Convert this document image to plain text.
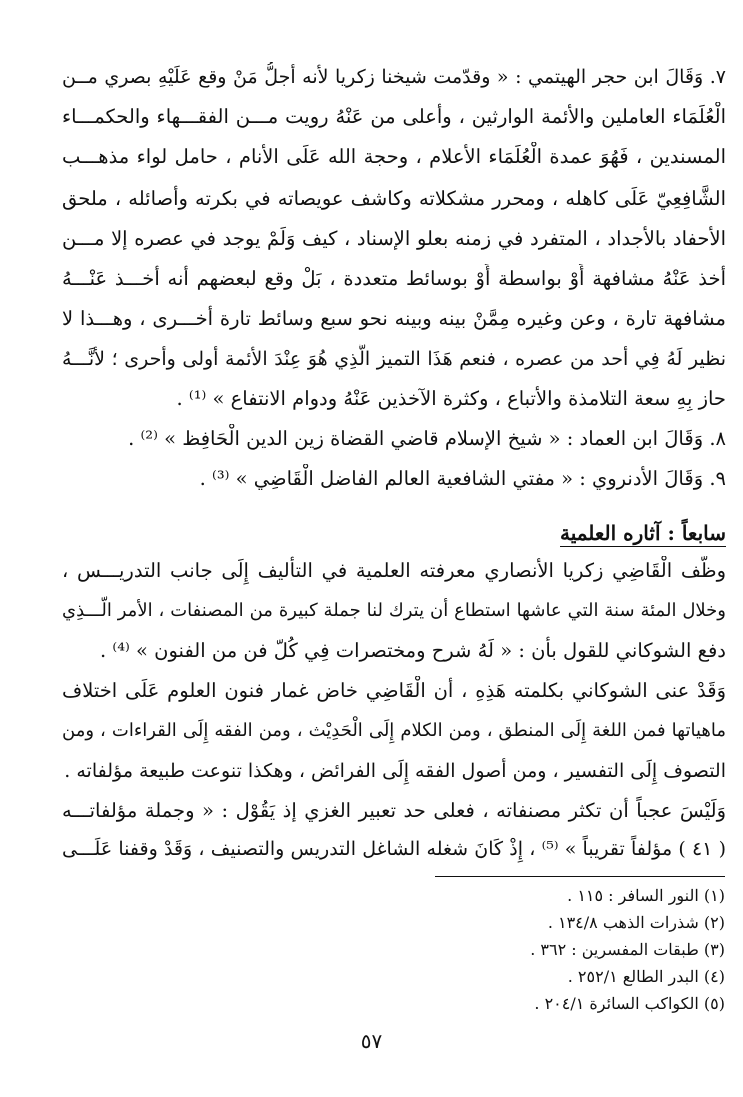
٧. وَقَالَ ابن حجر الهيتمي : « وقدّمت شيخنا زكريا لأنه أجلُّ مَنْ وقع عَلَيْهِ بصري مــن
الْعُلَمَاء العاملين والأئمة الوارثين ، وأعلى من عَنْهُ رويت مـــن الفقـــهاء والحكمـــاء
المسندين ، فَهُوَ عمدة الْعُلَمَاء الأعلام ، وحجة الله عَلَى الأنام ، حامل لواء مذهـــب
الشَّافِعِيّ عَلَى كاهله ، ومحرر مشكلاته وكاشف عويصاته في بكرته وأصائله ، ملحق
الأحفاد بالأجداد ، المتفرد في زمنه بعلو الإسناد ، كيف وَلَمْ يوجد في عصره إلا مـــن
أخذ عَنْهُ مشافهة أَوْ بواسطة أَوْ بوسائط متعددة ، بَلْ وقع لبعضهم أنه أخـــذ عَنْـــهُ
مشافهة تارة ، وعن وغيره مِمَّنْ بينه وبينه نحو سبع وسائط تارة أخـــرى ، وهـــذا لا
نظير لَهُ فِي أحد من عصره ، فنعم هَذَا التميز الَّذِي هُوَ عِنْدَ الأئمة أولى وأحرى ؛ لأنَّـــهُ
حاز بِهِ سعة التلامذة والأتباع ، وكثرة الآخذين عَنْهُ ودوام الانتفاع » ⁽¹⁾ .
٨. وَقَالَ ابن العماد : « شيخ الإسلام قاضي القضاة زين الدين الْحَافِظ » ⁽²⁾ .
٩. وَقَالَ الأدنروي : « مفتي الشافعية العالم الفاضل الْقَاضِي » ⁽³⁾ .
سابعاً : آثاره العلمية
وظّف الْقَاضِي زكريا الأنصاري معرفته العلمية في التأليف إِلَى جانب التدريـــس ،
وخلال المئة سنة التي عاشها استطاع أن يترك لنا جملة كبيرة من المصنفات ، الأمر الَّـــذِي
دفع الشوكاني للقول بأن : « لَهُ شرح ومختصرات فِي كُلّ فن من الفنون » ⁽⁴⁾ .
وَقَدْ عنى الشوكاني بكلمته هَذِهِ ، أن الْقَاضِي خاض غمار فنون العلوم عَلَى اختلاف
ماهياتها فمن اللغة إِلَى المنطق ، ومن الكلام إِلَى الْحَدِيْث ، ومن الفقه إِلَى القراءات ، ومن
التصوف إِلَى التفسير ، ومن أصول الفقه إِلَى الفرائض ، وهكذا تنوعت طبيعة مؤلفاته .
وَلَيْسَ عجباً أن تكثر مصنفاته ، فعلى حد تعبير الغزي إذ يَقُوْل : « وجملة مؤلفاتـــه
( ٤١ ) مؤلفاً تقريباً » ⁽⁵⁾ ، إِذْ كَانَ شغله الشاغل التدريس والتصنيف ، وَقَدْ وقفنا عَلَـــى
(١) النور السافر : ١١٥ .
(٢) شذرات الذهب ١٣٤/٨ .
(٣) طبقات المفسرين : ٣٦٢ .
(٤) البدر الطالع ٢٥٢/١ .
(٥) الكواكب السائرة ٢٠٤/١ .
٥٧
